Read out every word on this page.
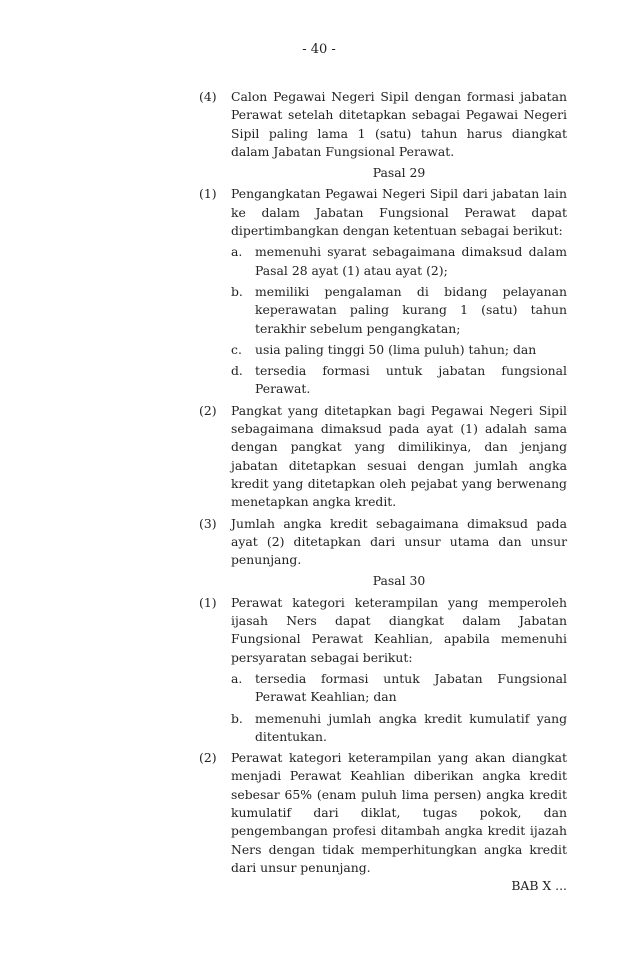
- 40 -
(4) Calon Pegawai Negeri Sipil dengan formasi jabatan Perawat setelah ditetapkan sebagai Pegawai Negeri Sipil paling lama 1 (satu) tahun harus diangkat dalam Jabatan Fungsional Perawat.
Pasal 29
(1) Pengangkatan Pegawai Negeri Sipil dari jabatan lain ke dalam Jabatan Fungsional Perawat dapat dipertimbangkan dengan ketentuan sebagai berikut:
a. memenuhi syarat sebagaimana dimaksud dalam Pasal 28 ayat (1) atau ayat (2);
b. memiliki pengalaman di bidang pelayanan keperawatan paling kurang 1 (satu) tahun terakhir sebelum pengangkatan;
c. usia paling tinggi 50 (lima puluh) tahun; dan
d. tersedia formasi untuk jabatan fungsional Perawat.
(2) Pangkat yang ditetapkan bagi Pegawai Negeri Sipil sebagaimana dimaksud pada ayat (1) adalah sama dengan pangkat yang dimilikinya, dan jenjang jabatan ditetapkan sesuai dengan jumlah angka kredit yang ditetapkan oleh pejabat yang berwenang menetapkan angka kredit.
(3) Jumlah angka kredit sebagaimana dimaksud pada ayat (2) ditetapkan dari unsur utama dan unsur penunjang.
Pasal 30
(1) Perawat kategori keterampilan yang memperoleh ijasah Ners dapat diangkat dalam Jabatan Fungsional Perawat Keahlian, apabila memenuhi persyaratan sebagai berikut:
a. tersedia formasi untuk Jabatan Fungsional Perawat Keahlian; dan
b. memenuhi jumlah angka kredit kumulatif yang ditentukan.
(2) Perawat kategori keterampilan yang akan diangkat menjadi Perawat Keahlian diberikan angka kredit sebesar 65% (enam puluh lima persen) angka kredit kumulatif dari diklat, tugas pokok, dan pengembangan profesi ditambah angka kredit ijazah Ners dengan tidak memperhitungkan angka kredit dari unsur penunjang.
BAB X ...
